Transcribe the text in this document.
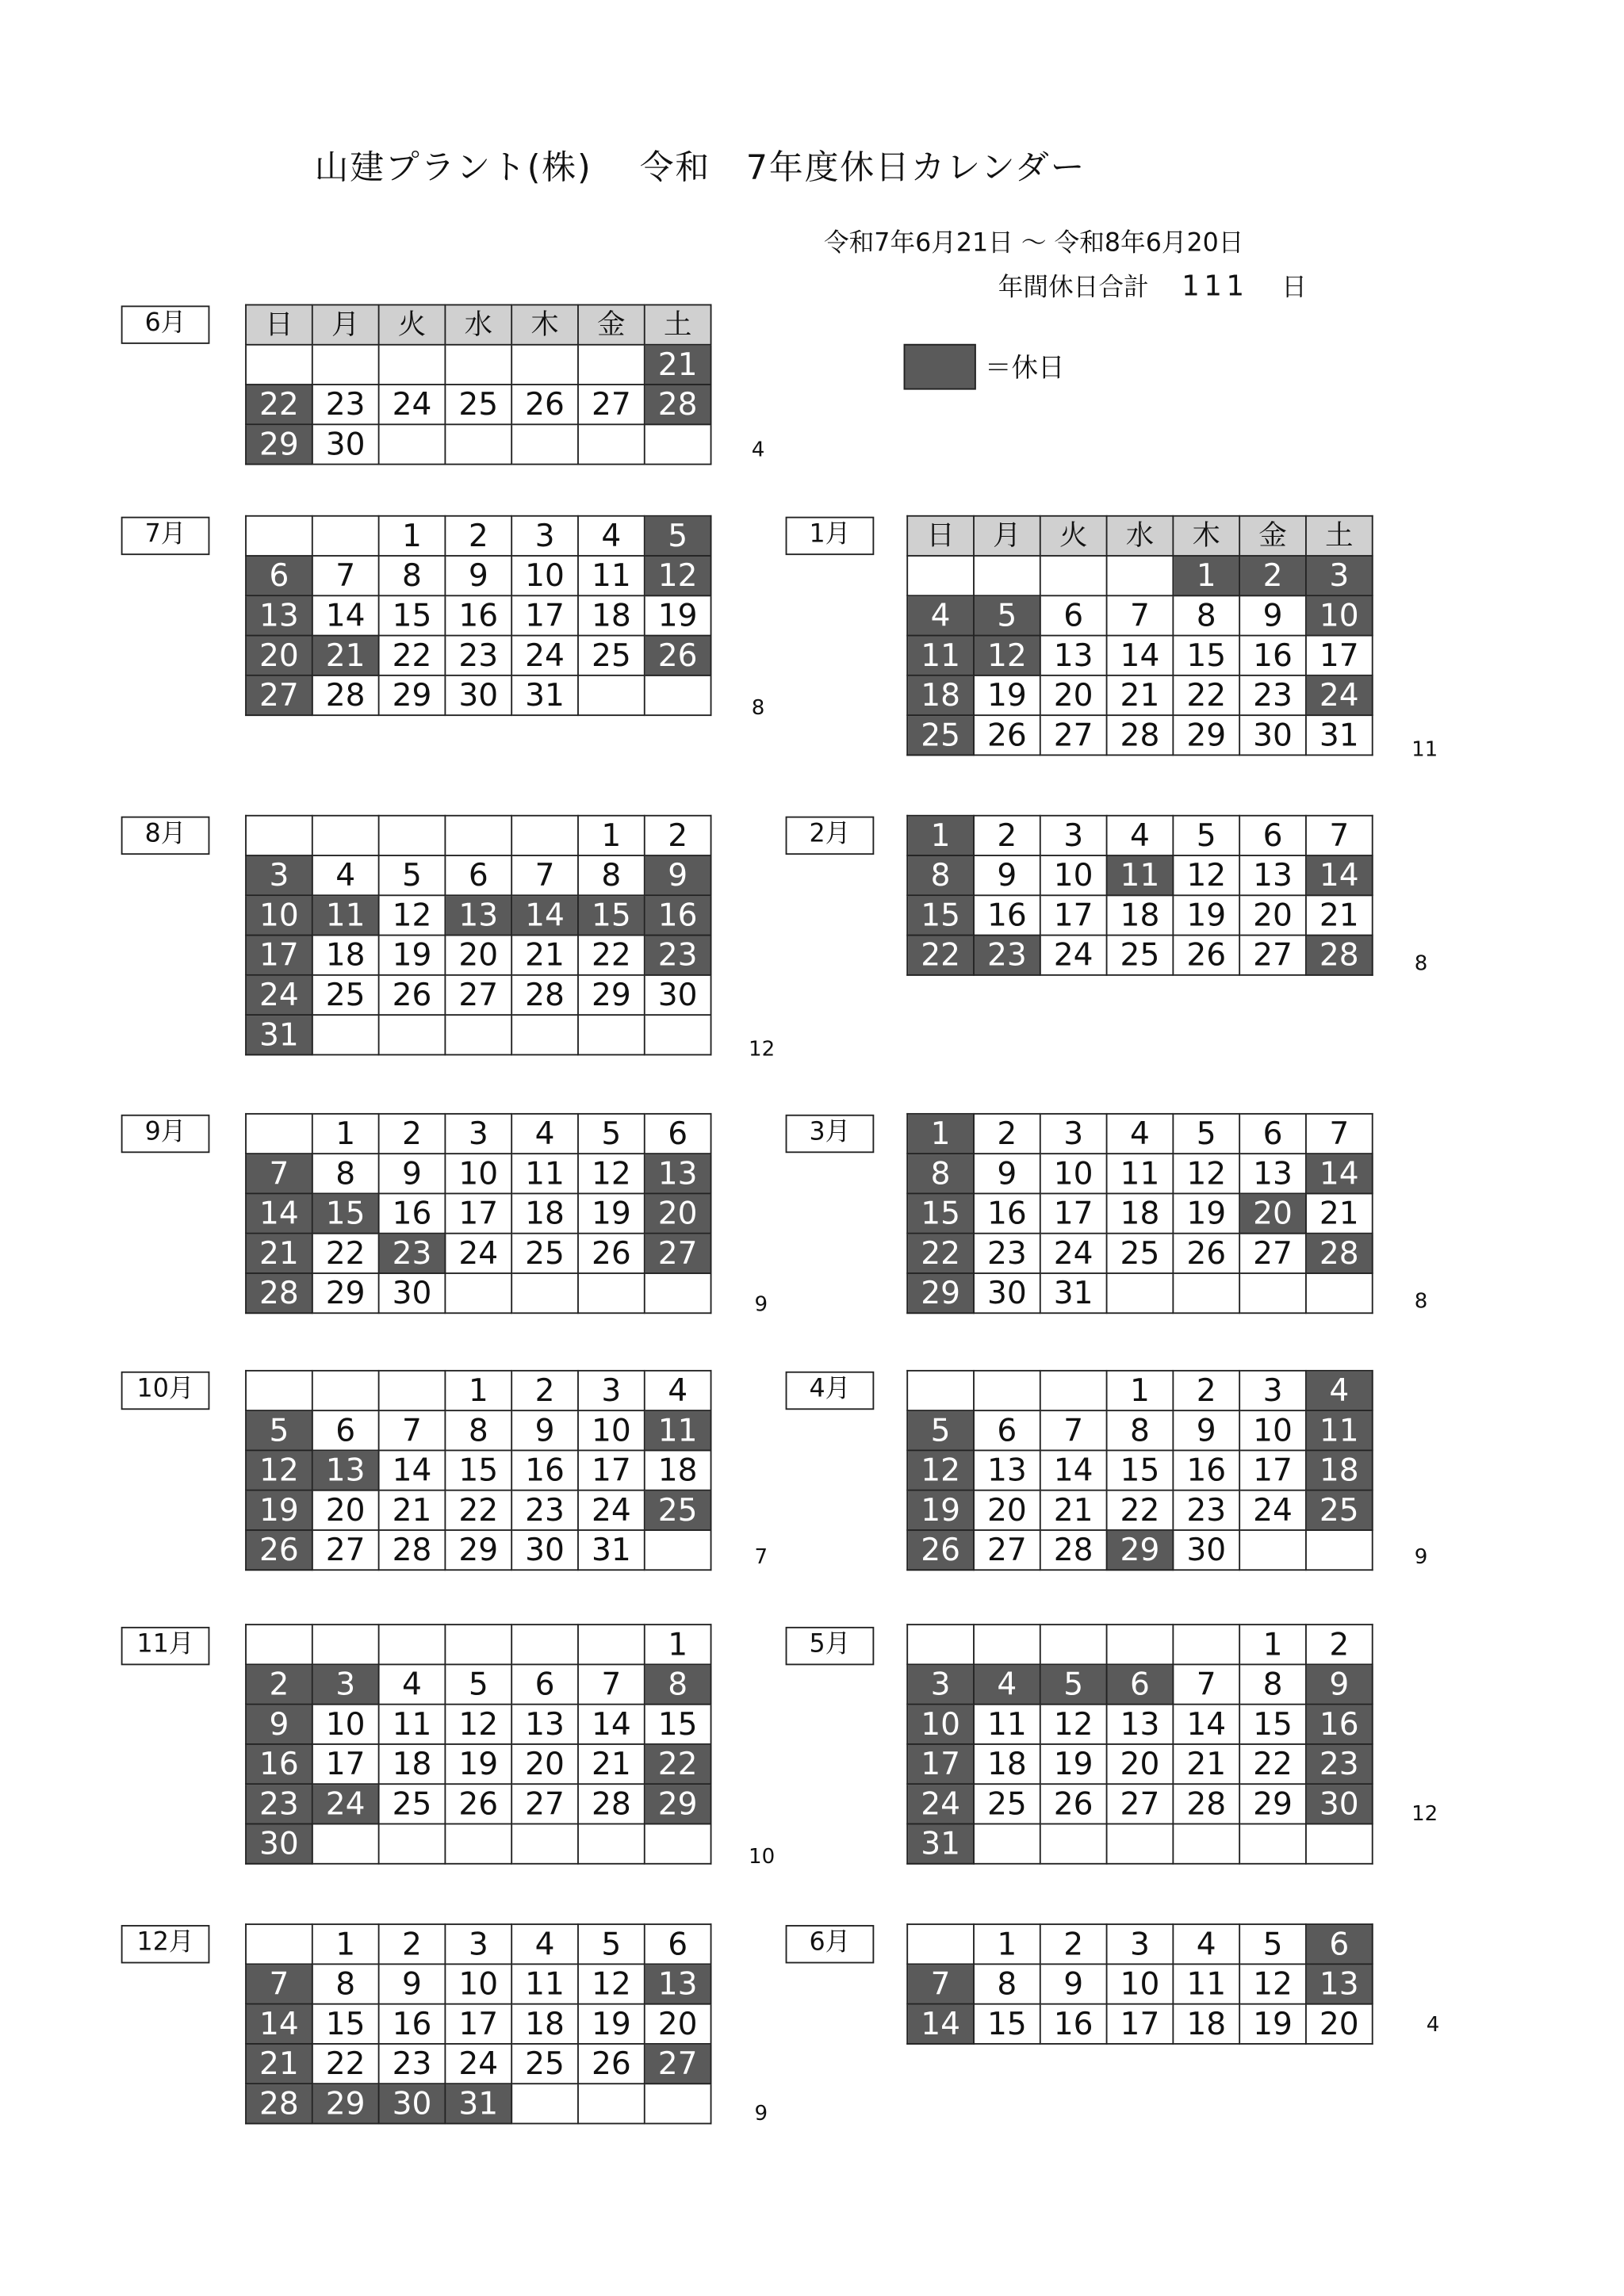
山建プラント(株)　 令和　7年度休日カレンダー
令和7年6月21日 ～ 令和8年6月20日
年間休日合計 111 日
＝休日
6月	日	月	火	水	木	金	土
						21
22	23	24	25	26	27	28
29	30						4
7月
			1	2	3	4	5
6	7	8	9	10	11	12
13	14	15	16	17	18	19
20	21	22	23	24	25	26
27	28	29	30	31			8
8月
						1	2
3	4	5	6	7	8	9
10	11	12	13	14	15	16
17	18	19	20	21	22	23
24	25	26	27	28	29	30
31							12
9月
		1	2	3	4	5	6
7	8	9	10	11	12	13
14	15	16	17	18	19	20
21	22	23	24	25	26	27
28	29	30					9
10月
				1	2	3	4
5	6	7	8	9	10	11
12	13	14	15	16	17	18
19	20	21	22	23	24	25
26	27	28	29	30	31		7
11月
							1
2	3	4	5	6	7	8
9	10	11	12	13	14	15
16	17	18	19	20	21	22
23	24	25	26	27	28	29
30							10
12月
		1	2	3	4	5	6
7	8	9	10	11	12	13
14	15	16	17	18	19	20
21	22	23	24	25	26	27
28	29	30	31				9
1月	日	月	火	水	木	金	土
				1	2	3
4	5	6	7	8	9	10
11	12	13	14	15	16	17
18	19	20	21	22	23	24
25	26	27	28	29	30	31	11
2月	1	2	3	4	5	6	7
8	9	10	11	12	13	14
15	16	17	18	19	20	21
22	23	24	25	26	27	28	8
3月	1	2	3	4	5	6	7
8	9	10	11	12	13	14
15	16	17	18	19	20	21
22	23	24	25	26	27	28
29	30	31					8
4月
				1	2	3	4
5	6	7	8	9	10	11
12	13	14	15	16	17	18
19	20	21	22	23	24	25
26	27	28	29	30			9
5月
						1	2
3	4	5	6	7	8	9
10	11	12	13	14	15	16
17	18	19	20	21	22	23
24	25	26	27	28	29	30
31						
12
6月
		1	2	3	4	5	6
7	8	9	10	11	12	13
14	15	16	17	18	19	20	4
